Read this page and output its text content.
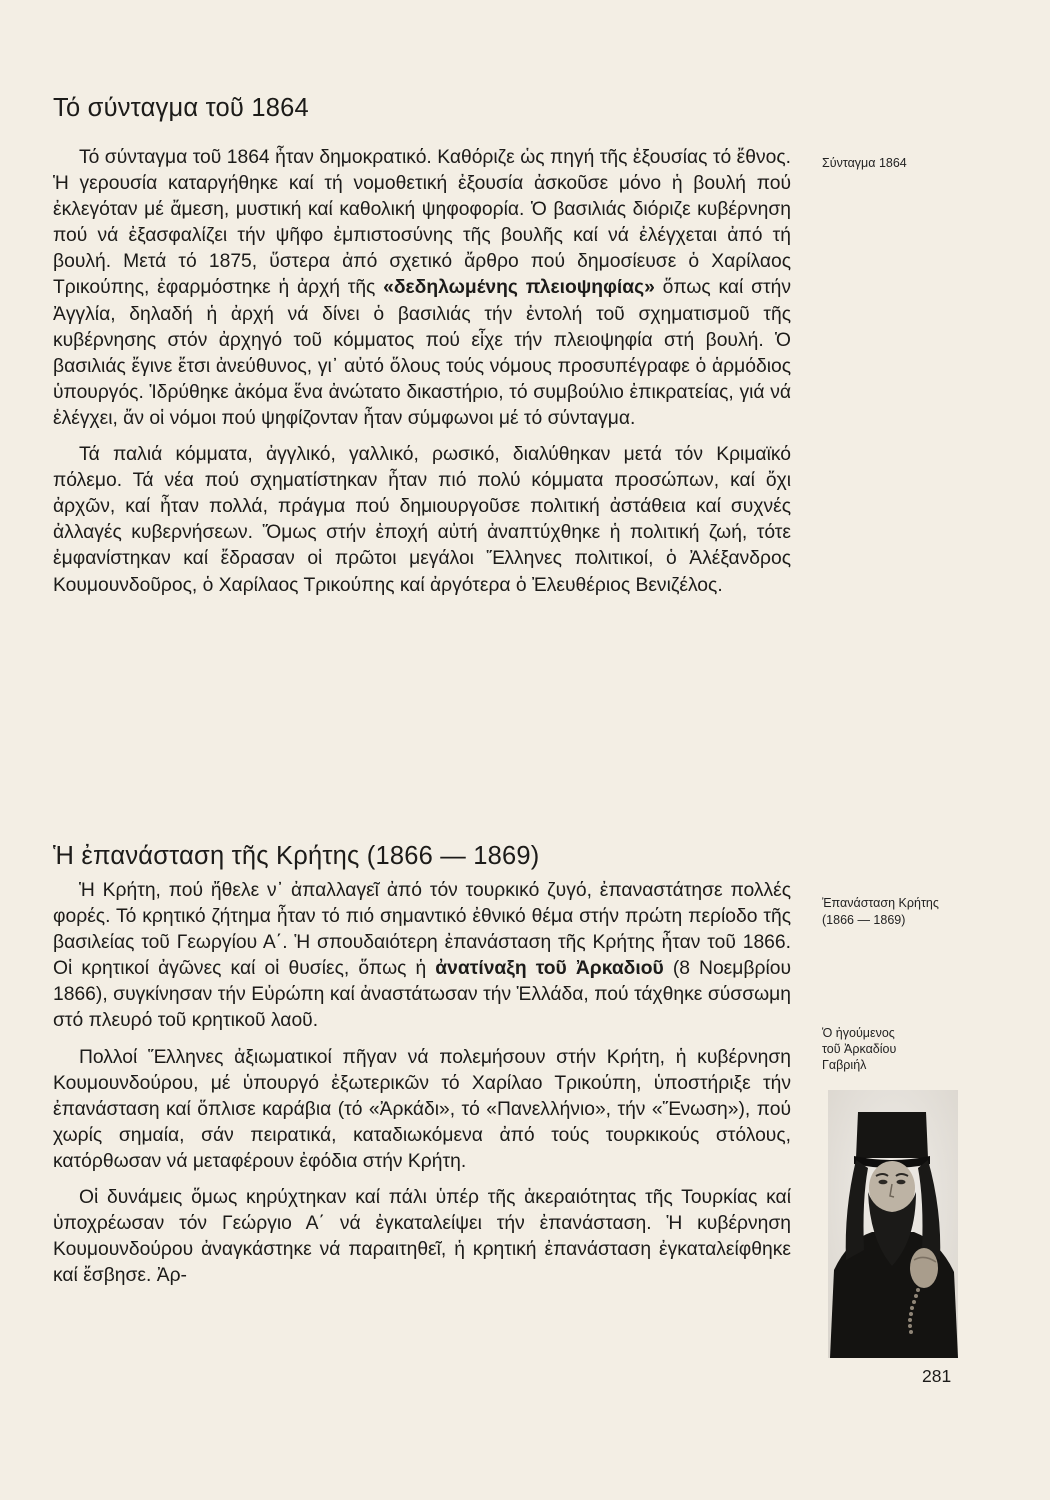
Τό σύνταγμα τοῦ 1864

Τό σύνταγμα τοῦ 1864 ἦταν δημοκρατικό. Καθόριζε ὡς πηγή τῆς ἐξουσίας τό ἔθνος. Ἡ γερουσία καταργήθηκε καί τή νομοθετική ἐξουσία ἀσκοῦσε μόνο ἡ βουλή πού ἐκλεγόταν μέ ἄμεση, μυστική καί καθολική ψηφοφορία. Ὁ βασιλιάς διόριζε κυβέρνηση πού νά ἐξασφαλίζει τήν ψῆφο ἐμπιστοσύνης τῆς βουλῆς καί νά ἐλέγχεται ἀπό τή βουλή. Μετά τό 1875, ὕστερα ἀπό σχετικό ἄρθρο πού δημοσίευσε ὁ Χαρίλαος Τρικούπης, ἐφαρμόστηκε ἡ ἀρχή τῆς «δεδηλωμένης πλειοψηφίας» ὅπως καί στήν Ἀγγλία, δηλαδή ἡ ἀρχή νά δίνει ὁ βασιλιάς τήν ἐντολή τοῦ σχηματισμοῦ τῆς κυβέρνησης στόν ἀρχηγό τοῦ κόμματος πού εἶχε τήν πλειοψηφία στή βουλή. Ὁ βασιλιάς ἔγινε ἔτσι ἀνεύθυνος, γι᾿ αὐτό ὅλους τούς νόμους προσυπέγραφε ὁ ἁρμόδιος ὑπουργός. Ἱδρύθηκε ἀκόμα ἕνα ἀνώτατο δικαστήριο, τό συμβούλιο ἐπικρατείας, γιά νά ἐλέγχει, ἄν οἱ νόμοι πού ψηφίζονταν ἦταν σύμφωνοι μέ τό σύνταγμα.

Τά παλιά κόμματα, ἀγγλικό, γαλλικό, ρωσικό, διαλύθηκαν μετά τόν Κριμαϊκό πόλεμο. Τά νέα πού σχηματίστηκαν ἦταν πιό πολύ κόμματα προσώπων, καί ὄχι ἀρχῶν, καί ἦταν πολλά, πράγμα πού δημιουργοῦσε πολιτική ἀστάθεια καί συχνές ἀλλαγές κυβερνήσεων. Ὅμως στήν ἐποχή αὐτή ἀναπτύχθηκε ἡ πολιτική ζωή, τότε ἐμφανίστηκαν καί ἔδρασαν οἱ πρῶτοι μεγάλοι Ἕλληνες πολιτικοί, ὁ Ἀλέξανδρος Κουμουνδοῦρος, ὁ Χαρίλαος Τρικούπης καί ἀργότερα ὁ Ἐλευθέριος Βενιζέλος.

Ἡ ἐπανάσταση τῆς Κρήτης (1866 — 1869)

Ἡ Κρήτη, πού ἤθελε ν᾿ ἀπαλλαγεῖ ἀπό τόν τουρκικό ζυγό, ἐπαναστάτησε πολλές φορές. Τό κρητικό ζήτημα ἦταν τό πιό σημαντικό ἐθνικό θέμα στήν πρώτη περίοδο τῆς βασιλείας τοῦ Γεωργίου Α΄. Ἡ σπουδαιότερη ἐπανάσταση τῆς Κρήτης ἦταν τοῦ 1866. Οἱ κρητικοί ἀγῶνες καί οἱ θυσίες, ὅπως ἡ ἀνατίναξη τοῦ Ἀρκαδιοῦ (8 Νοεμβρίου 1866), συγκίνησαν τήν Εὐρώπη καί ἀναστάτωσαν τήν Ἑλλάδα, πού τάχθηκε σύσσωμη στό πλευρό τοῦ κρητικοῦ λαοῦ.

Πολλοί Ἕλληνες ἀξιωματικοί πῆγαν νά πολεμήσουν στήν Κρήτη, ἡ κυβέρνηση Κουμουνδούρου, μέ ὑπουργό ἐξωτερικῶν τό Χαρίλαο Τρικούπη, ὑποστήριξε τήν ἐπανάσταση καί ὅπλισε καράβια (τό «Ἀρκάδι», τό «Πανελλήνιο», τήν «Ἕνωση»), πού χωρίς σημαία, σάν πειρατικά, καταδιωκόμενα ἀπό τούς τουρκικούς στόλους, κατόρθωσαν νά μεταφέρουν ἐφόδια στήν Κρήτη.

Οἱ δυνάμεις ὅμως κηρύχτηκαν καί πάλι ὑπέρ τῆς ἀκεραιότητας τῆς Τουρκίας καί ὑποχρέωσαν τόν Γεώργιο Α΄ νά ἐγκαταλείψει τήν ἐπανάσταση. Ἡ κυβέρνηση Κουμουνδούρου ἀναγκάστηκε νά παραιτηθεῖ, ἡ κρητική ἐπανάσταση ἐγκαταλείφθηκε καί ἔσβησε. Ἀρ-

Σύνταγμα 1864
Ἐπανάσταση Κρήτης
(1866 — 1869)
Ὁ ἡγούμενος
τοῦ Ἀρκαδίου
Γαβριήλ
281
